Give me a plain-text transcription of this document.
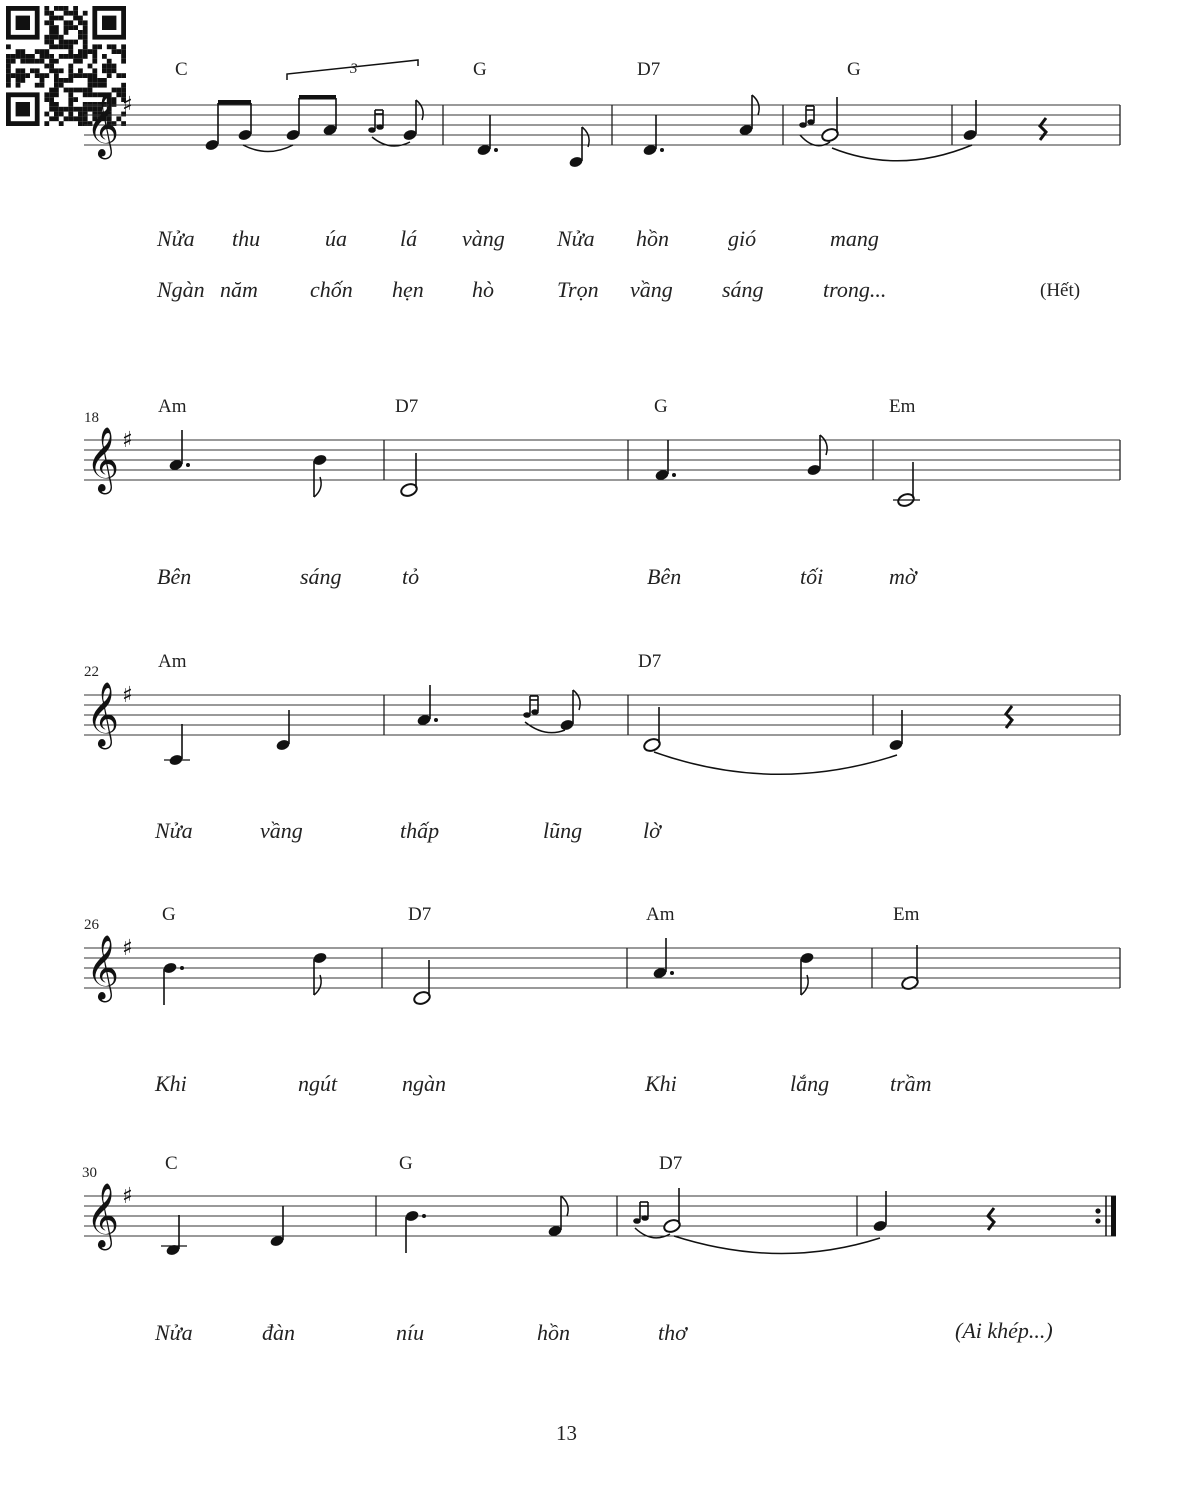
𝄞 ♯
C	G	D7	G
3
Nửa thu	úa lá vàng Nửa hồn	gió	mang
Ngàn năm chốn hẹn hò	Trọn vầng sáng	trong...	(Hết)
𝄞 ♯
18
Am	D7	G	Em
Bên	sáng	tỏ	Bên	tối	mờ
𝄞 ♯
22	Am	D7
Nửa	vầng	thấp	lũng	lờ
𝄞 ♯
26	G	D7	Am	Em
Khi	ngút	ngàn	Khi	lắng	trầm
𝄞 ♯
30	C	G	D7
Nửa	đàn	níu	hồn	thơ	(Ai khép...)
13
